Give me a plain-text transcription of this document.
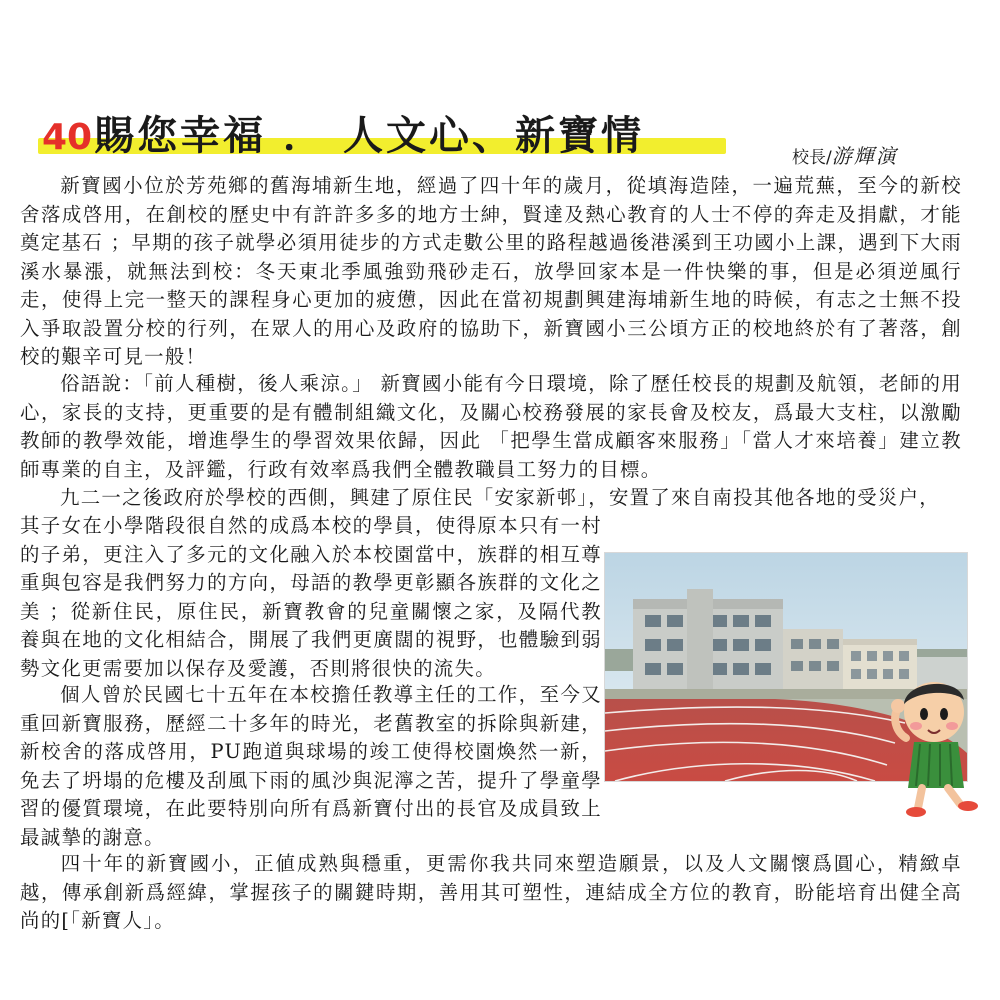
40賜您幸福 ． 人文心、新寶情	校長/游輝演

新寶國小位於芳苑鄉的舊海埔新生地，經過了四十年的歲月，從填海造陸，一遍荒蕪，至今的新校舍落成啓用，在創校的歷史中有許許多多的地方士紳，賢達及熱心教育的人士不停的奔走及捐獻，才能奠定基石 ；早期的孩子就學必須用徒步的方式走數公里的路程越過後港溪到王功國小上課，遇到下大雨溪水暴漲，就無法到校：冬天東北季風強勁飛砂走石，放學回家本是一件快樂的事，但是必須逆風行走，使得上完一整天的課程身心更加的疲憊，因此在當初規劃興建海埔新生地的時候，有志之士無不投入爭取設置分校的行列，在眾人的用心及政府的協助下，新寶國小三公頃方正的校地終於有了著落，創校的艱辛可見一般！

俗語說：「前人種樹，後人乘涼。」 新寶國小能有今日環境，除了歷任校長的規劃及航領，老師的用心，家長的支持，更重要的是有體制組織文化，及關心校務發展的家長會及校友，爲最大支柱，以激勵教師的教學效能，增進學生的學習效果依歸，因此 「把學生當成顧客來服務」「當人才來培養」建立教師專業的自主，及評鑑，行政有效率爲我們全體教職員工努力的目標。

九二一之後政府於學校的西側，興建了原住民「安家新邨」，安置了來自南投其他各地的受災户，

其子女在小學階段很自然的成爲本校的學員，使得原本只有一村的子弟，更注入了多元的文化融入於本校園當中，族群的相互尊重與包容是我們努力的方向，母語的教學更彰顯各族群的文化之美 ；從新住民，原住民，新寶教會的兒童關懷之家，及隔代教養與在地的文化相結合，開展了我們更廣闊的視野，也體驗到弱勢文化更需要加以保存及愛護，否則將很快的流失。

個人曾於民國七十五年在本校擔任教導主任的工作，至今又重回新寶服務，歷經二十多年的時光，老舊教室的拆除與新建，新校舍的落成啓用，PU跑道與球場的竣工使得校園煥然一新，免去了坍塌的危樓及刮風下雨的風沙與泥濘之苦，提升了學童學習的優質環境，在此要特別向所有爲新寶付出的長官及成員致上最誠摯的謝意。

四十年的新寶國小，正値成熟與穩重，更需你我共同來塑造願景，以及人文關懷爲圓心，精緻卓越，傳承創新爲經緯，掌握孩子的關鍵時期，善用其可塑性，連結成全方位的教育，盼能培育出健全高尚的[「新寶人」。
